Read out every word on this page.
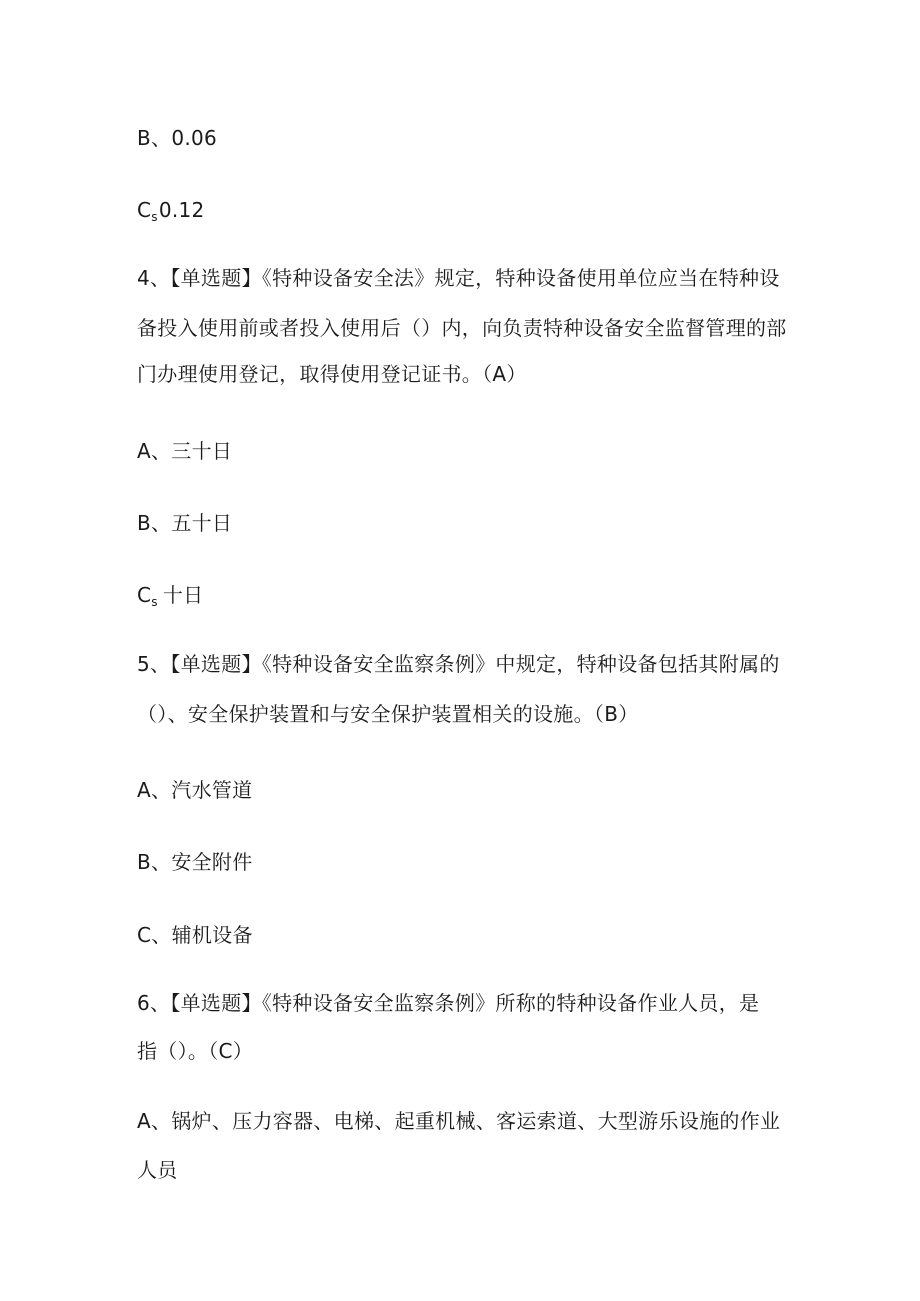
B、0.06
$C_s0.12$
4、【单选题】《特种设备安全法》规定，特种设备使用单位应当在特种设
备投入使用前或者投入使用后（）内，向负责特种设备安全监督管理的部
门办理使用登记，取得使用登记证书。（A）
A、三十日
B、五十日
$C_s$ 十日
5、【单选题】《特种设备安全监察条例》中规定，特种设备包括其附属的
（）、安全保护装置和与安全保护装置相关的设施。（B）
A、汽水管道
B、安全附件
C、辅机设备
6、【单选题】《特种设备安全监察条例》所称的特种设备作业人员，是
指（）。（C）
A、锅炉、压力容器、电梯、起重机械、客运索道、大型游乐设施的作业
人员
